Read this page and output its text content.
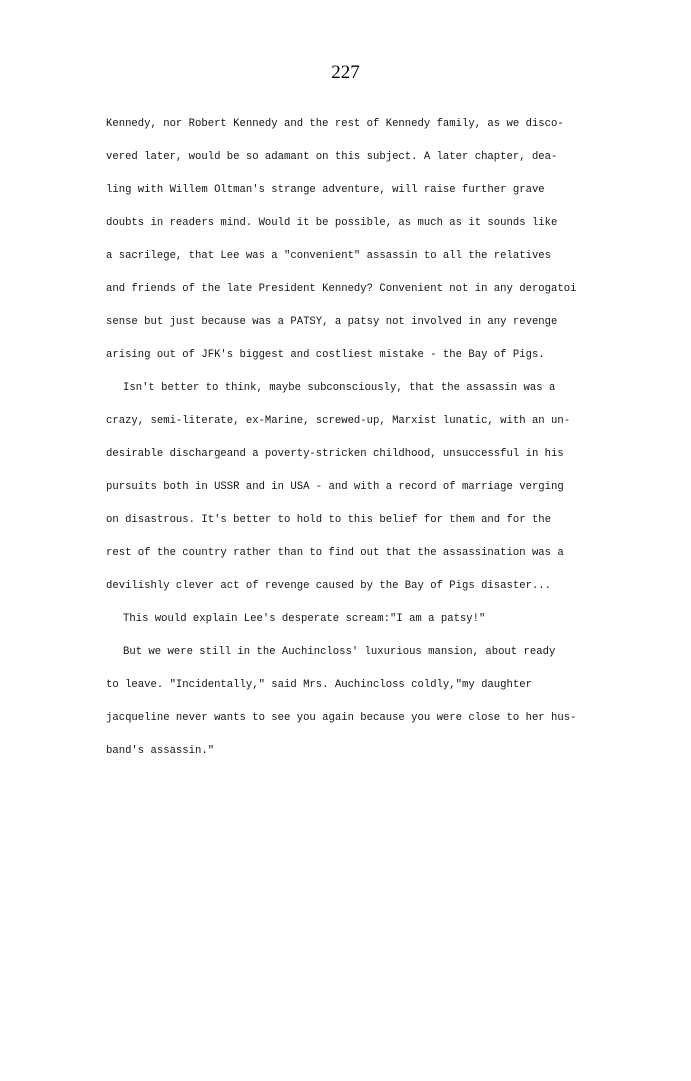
227
Kennedy, nor Robert Kennedy and the rest of Kennedy family, as we disco-
vered later, would be so adamant on this subject. A later chapter, dea-
ling with Willem Oltman's strange adventure, will raise further grave
doubts in readers mind. Would it be possible, as much as it sounds like
a sacrilege, that Lee was a "convenient" assassin to all the relatives
and friends of the late President Kennedy? Convenient not in any derogatoi
sense but just because was a PATSY, a patsy not involved in any revenge
arising out of JFK's biggest and costliest mistake - the Bay of Pigs.
Isn't better to think, maybe subconsciously, that the assassin was a
crazy, semi-literate, ex-Marine, screwed-up, Marxist lunatic, with an un-
desirable dischargeand a poverty-stricken childhood, unsuccessful in his
pursuits both in USSR and in USA - and with a record of marriage verging
on disastrous. It's better to hold to this belief for them and for the
rest of the country rather than to find out that the assassination was a
devilishly clever act of revenge caused by the Bay of Pigs disaster...
This would explain Lee's desperate scream:"I am a patsy!"
But we were still in the Auchincloss' luxurious mansion, about ready
to leave. "Incidentally," said Mrs. Auchincloss coldly,"my daughter
jacqueline never wants to see you again because you were close to her hus-
band's assassin."
